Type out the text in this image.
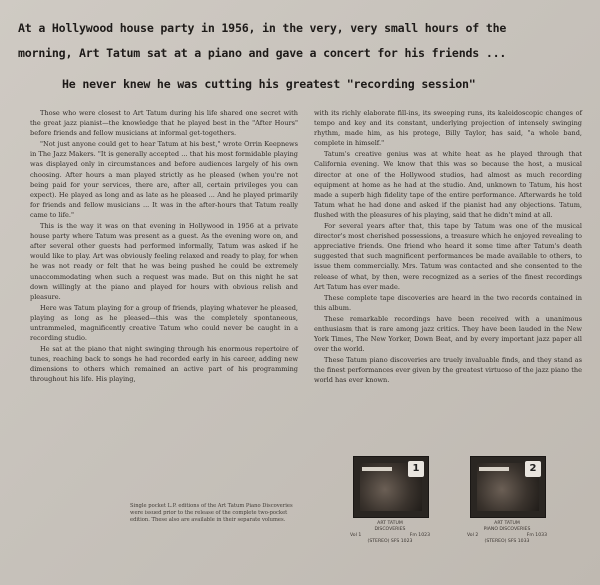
At a Hollywood house party in 1956, in the very, very small hours of the

morning, Art Tatum sat at a piano and gave a concert for his friends ...

He never knew he was cutting his greatest "recording session"

Those who were closest to Art Tatum during his life shared one secret with the great jazz pianist—the knowledge that he played best in the "After Hours" before friends and fellow musicians at informal get-togethers.

"Not just anyone could get to hear Tatum at his best," wrote Orrin Keepnews in The Jazz Makers. "It is generally accepted ... that his most formidable playing was displayed only in circumstances and before audiences largely of his own choosing. After hours a man played strictly as he pleased (when you're not being paid for your services, there are, after all, certain privileges you can expect). He played as long and as late as he pleased ... And he played primarily for friends and fellow musicians ... It was in the after-hours that Tatum really came to life."

This is the way it was on that evening in Hollywood in 1956 at a private house party where Tatum was present as a guest. As the evening wore on, and after several other guests had performed informally, Tatum was asked if he would like to play. Art was obviously feeling relaxed and ready to play, for when he was not ready or felt that he was being pushed he could be extremely unaccommodating when such a request was made. But on this night he sat down willingly at the piano and played for hours with obvious relish and pleasure.

Here was Tatum playing for a group of friends, playing whatever he pleased, playing as long as he pleased—this was the completely spontaneous, untrammeled, magnificently creative Tatum who could never be caught in a recording studio.

He sat at the piano that night swinging through his enormous repertoire of tunes, reaching back to songs he had recorded early in his career, adding new dimensions to others which remained an active part of his programming throughout his life. His playing,

with its richly elaborate fill-ins, its sweeping runs, its kaleidoscopic changes of tempo and key and its constant, underlying projection of intensely swinging rhythm, made him, as his protege, Billy Taylor, has said, "a whole band, complete in himself."

Tatum's creative genius was at white heat as he played through that California evening. We know that this was so because the host, a musical director at one of the Hollywood studios, had almost as much recording equipment at home as he had at the studio. And, unknown to Tatum, his host made a superb high fidelity tape of the entire performance. Afterwards he told Tatum what he had done and asked if the pianist had any objections. Tatum, flushed with the pleasures of his playing, said that he didn't mind at all.

For several years after that, this tape by Tatum was one of the musical director's most cherished possessions, a treasure which he enjoyed revealing to appreciative friends. One friend who heard it some time after Tatum's death suggested that such magnificent performances be made available to others, to issue them commercially. Mrs. Tatum was contacted and she consented to the release of what, by then, were recognized as a series of the finest recordings Art Tatum has ever made.

These complete tape discoveries are heard in the two records contained in this album.

These remarkable recordings have been received with a unanimous enthusiasm that is rare among jazz critics. They have been lauded in the New York Times, The New Yorker, Down Beat, and by every important jazz paper all over the world.

These Tatum piano discoveries are truely invaluable finds, and they stand as the finest performances ever given by the greatest virtuoso of the jazz piano the world has ever known.

Single pocket L.P. editions of the Art Tatum Piano Discoveries were issued prior to the release of the complete two-pocket edition. These also are available in their separate volumes.
1
ART TATUM
DISCOVERIES
Vol 1	Fm 1023
(STEREO) SFS 1023
2
ART TATUM
PIANO DISCOVERIES
Vol 2	Fm 1033
(STEREO) SFS 1033
